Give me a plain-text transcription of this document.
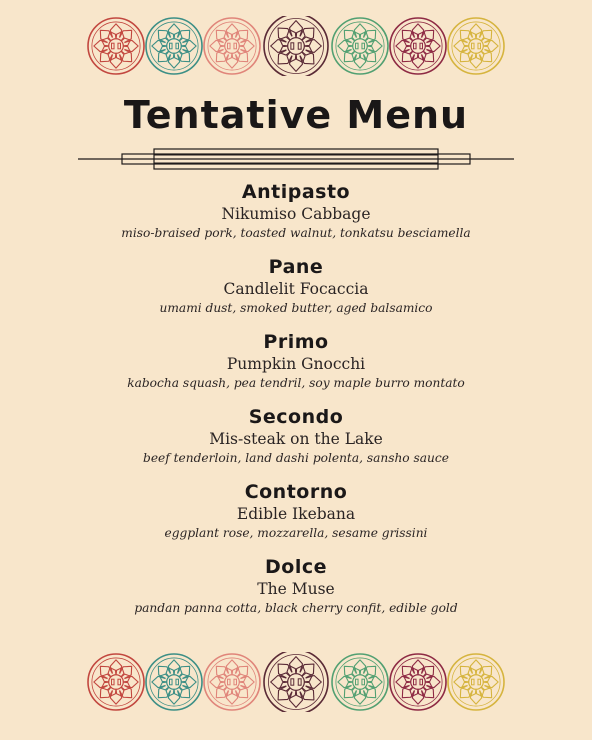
Tentative Menu
Antipasto
Nikumiso Cabbage
miso-braised pork, toasted walnut, tonkatsu besciamella
Pane
Candlelit Focaccia
umami dust, smoked butter, aged balsamico
Primo
Pumpkin Gnocchi
kabocha squash, pea tendril, soy maple burro montato
Secondo
Mis-steak on the Lake
beef tenderloin, land dashi polenta, sansho sauce
Contorno
Edible Ikebana
eggplant rose, mozzarella, sesame grissini
Dolce
The Muse
pandan panna cotta, black cherry confit, edible gold
